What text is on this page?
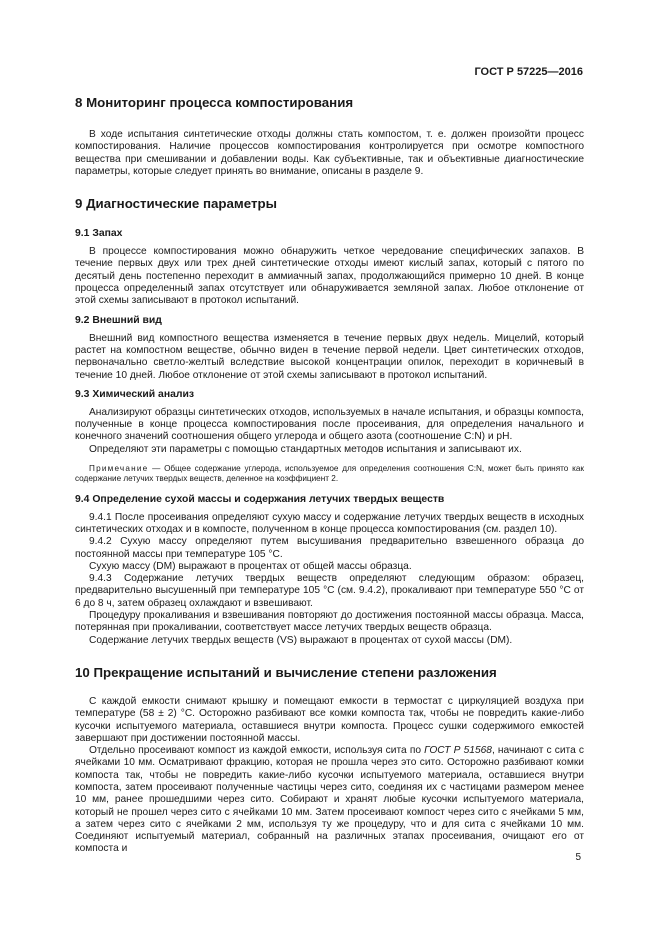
ГОСТ Р 57225—2016
8 Мониторинг процесса компостирования

В ходе испытания синтетические отходы должны стать компостом, т. е. должен произойти процесс компостирования. Наличие процессов компостирования контролируется при осмотре компостного вещества при смешивании и добавлении воды. Как субъективные, так и объективные диагностические параметры, которые следует принять во внимание, описаны в разделе 9.

9 Диагностические параметры
9.1 Запах

В процессе компостирования можно обнаружить четкое чередование специфических запахов. В течение первых двух или трех дней синтетические отходы имеют кислый запах, который с пятого по десятый день постепенно переходит в аммиачный запах, продолжающийся примерно 10 дней. В конце процесса определенный запах отсутствует или обнаруживается земляной запах. Любое отклонение от этой схемы записывают в протокол испытаний.

9.2 Внешний вид

Внешний вид компостного вещества изменяется в течение первых двух недель. Мицелий, который растет на компостном веществе, обычно виден в течение первой недели. Цвет синтетических отходов, первоначально светло-желтый вследствие высокой концентрации опилок, переходит в коричневый в течение 10 дней. Любое отклонение от этой схемы записывают в протокол испытаний.

9.3 Химический анализ

Анализируют образцы синтетических отходов, используемых в начале испытания, и образцы компоста, полученные в конце процесса компостирования после просеивания, для определения начального и конечного значений соотношения общего углерода и общего азота (соотношение C:N) и pH.

Определяют эти параметры с помощью стандартных методов испытания и записывают их.

Примечание — Общее содержание углерода, используемое для определения соотношения C:N, может быть принято как содержание летучих твердых веществ, деленное на коэффициент 2.

9.4 Определение сухой массы и содержания летучих твердых веществ

9.4.1 После просеивания определяют сухую массу и содержание летучих твердых веществ в исходных синтетических отходах и в компосте, полученном в конце процесса компостирования (см. раздел 10).

9.4.2 Сухую массу определяют путем высушивания предварительно взвешенного образца до постоянной массы при температуре 105 °С.

Сухую массу (DM) выражают в процентах от общей массы образца.

9.4.3 Содержание летучих твердых веществ определяют следующим образом: образец, предварительно высушенный при температуре 105 °С (см. 9.4.2), прокаливают при температуре 550 °С от 6 до 8 ч, затем образец охлаждают и взвешивают.

Процедуру прокаливания и взвешивания повторяют до достижения постоянной массы образца. Масса, потерянная при прокаливании, соответствует массе летучих твердых веществ образца.

Содержание летучих твердых веществ (VS) выражают в процентах от сухой массы (DM).

10 Прекращение испытаний и вычисление степени разложения

С каждой емкости снимают крышку и помещают емкости в термостат с циркуляцией воздуха при температуре (58 ± 2) °С. Осторожно разбивают все комки компоста так, чтобы не повредить какие-либо кусочки испытуемого материала, оставшиеся внутри компоста. Процесс сушки содержимого емкостей завершают при достижении постоянной массы.

Отдельно просеивают компост из каждой емкости, используя сита по ГОСТ Р 51568, начинают с сита с ячейками 10 мм. Осматривают фракцию, которая не прошла через это сито. Осторожно разбивают комки компоста так, чтобы не повредить какие-либо кусочки испытуемого материала, оставшиеся внутри компоста, затем просеивают полученные частицы через сито, соединяя их с частицами размером менее 10 мм, ранее прошедшими через сито. Собирают и хранят любые кусочки испытуемого материала, который не прошел через сито с ячейками 10 мм. Затем просеивают компост через сито с ячейками 5 мм, а затем через сито с ячейками 2 мм, используя ту же процедуру, что и для сита с ячейками 10 мм. Соединяют испытуемый материал, собранный на различных этапах просеивания, очищают его от компоста и

5
